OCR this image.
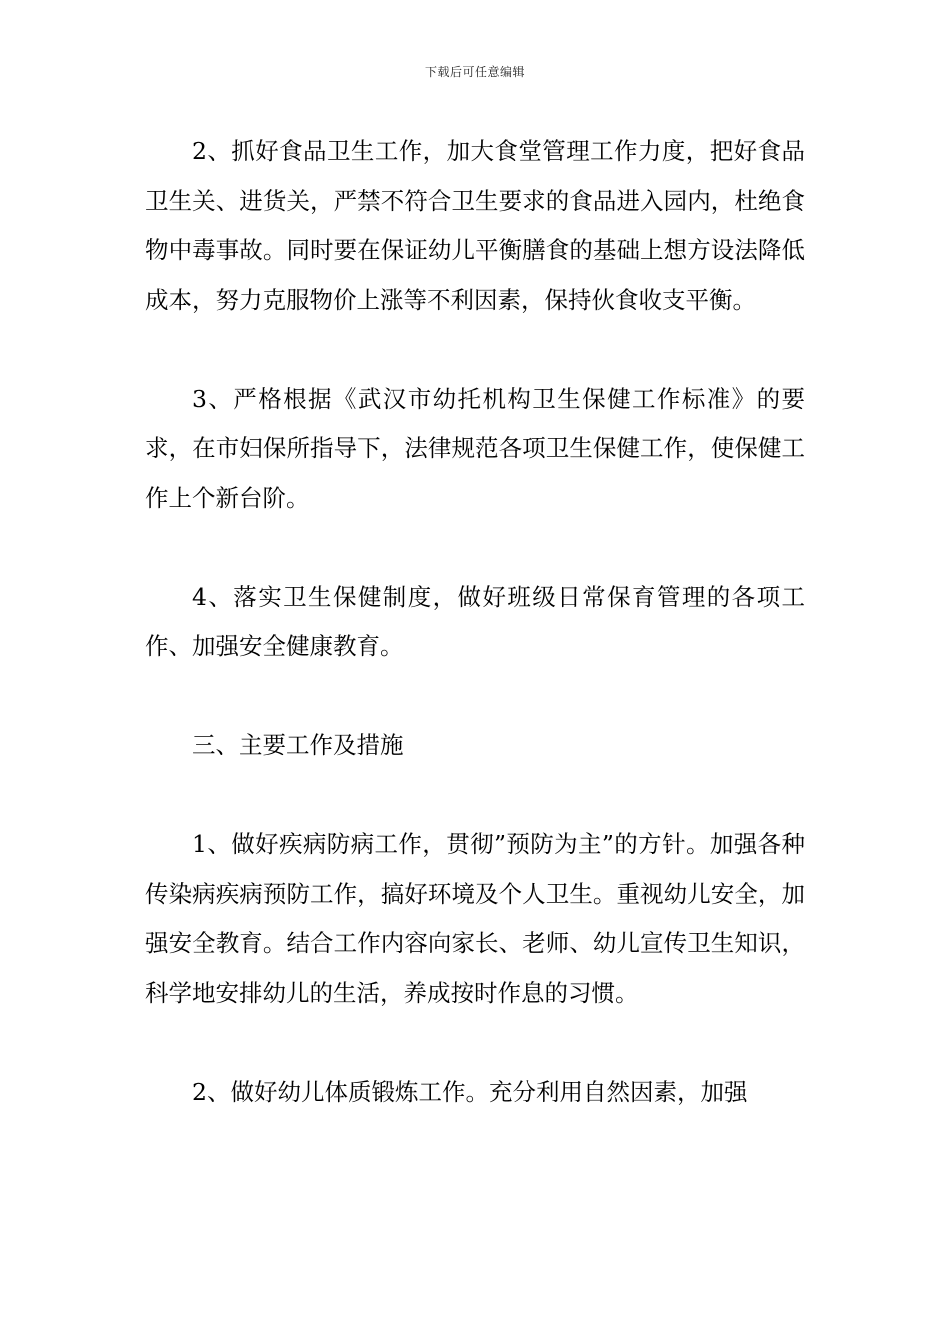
下载后可任意编辑

2、抓好食品卫生工作，加大食堂管理工作力度，把好食品卫生关、进货关，严禁不符合卫生要求的食品进入园内，杜绝食物中毒事故。同时要在保证幼儿平衡膳食的基础上想方设法降低成本，努力克服物价上涨等不利因素，保持伙食收支平衡。

3、严格根据《武汉市幼托机构卫生保健工作标准》的要求，在市妇保所指导下，法律规范各项卫生保健工作，使保健工作上个新台阶。

4、落实卫生保健制度，做好班级日常保育管理的各项工作、加强安全健康教育。

三、主要工作及措施

1、做好疾病防病工作，贯彻”预防为主”的方针。加强各种传染病疾病预防工作，搞好环境及个人卫生。重视幼儿安全，加强安全教育。结合工作内容向家长、老师、幼儿宣传卫生知识，科学地安排幼儿的生活，养成按时作息的习惯。

2、做好幼儿体质锻炼工作。充分利用自然因素，加强
